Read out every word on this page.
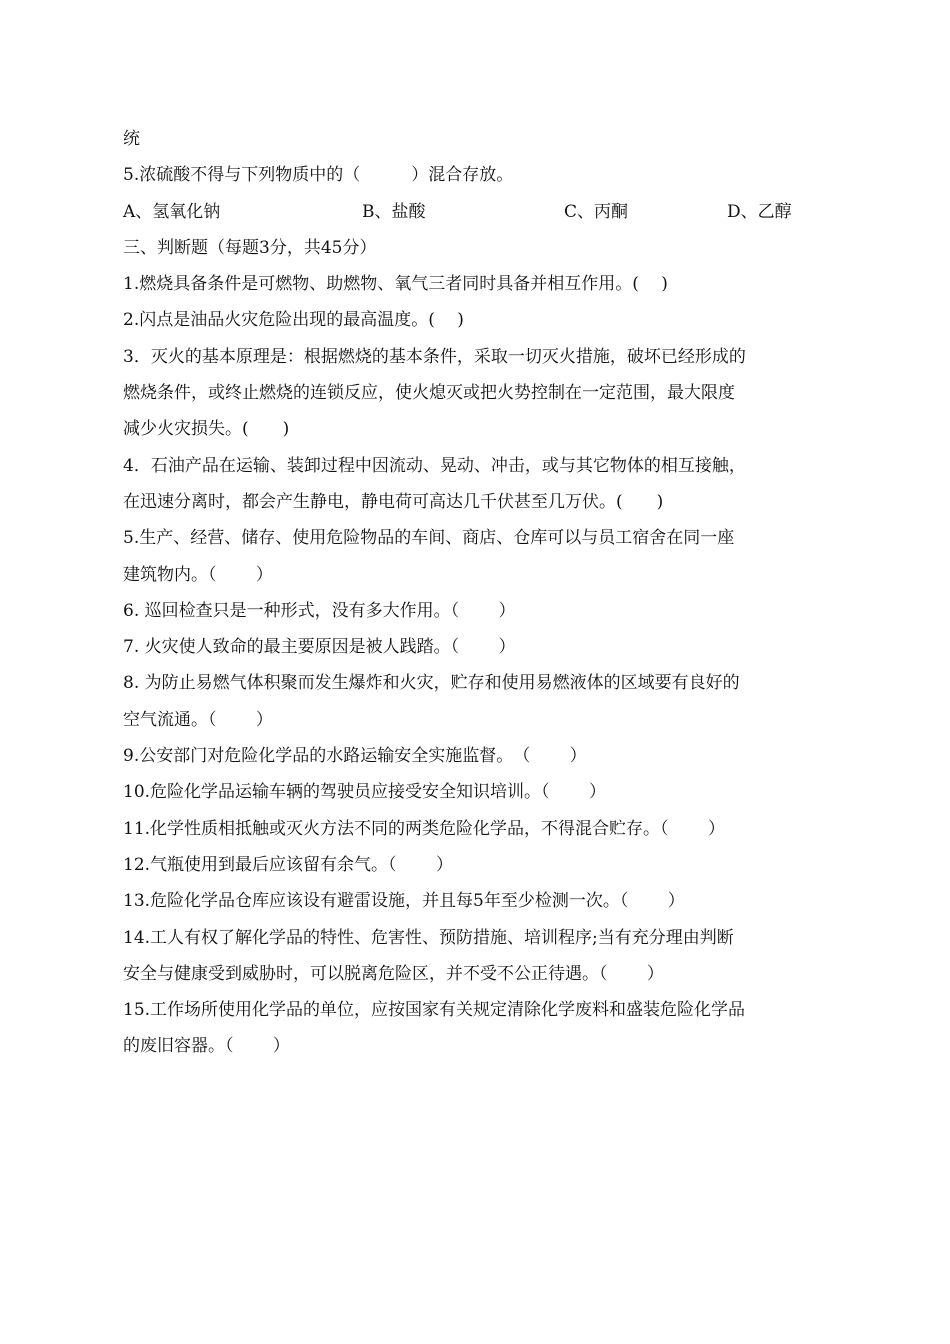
统
5.浓硫酸不得与下列物质中的（　　　）混合存放。
A、氢氧化钠	B、盐酸	C、丙酮	D、乙醇
三、判断题（每题3分，共45分）
1.燃烧具备条件是可燃物、助燃物、氧气三者同时具备并相互作用。(　 )
2.闪点是油品火灾危险出现的最高温度。(　 )
3．灭火的基本原理是：根据燃烧的基本条件，采取一切灭火措施，破坏已经形成的
燃烧条件，或终止燃烧的连锁反应，使火熄灭或把火势控制在一定范围，最大限度
减少火灾损失。(　　)
4．石油产品在运输、装卸过程中因流动、晃动、冲击，或与其它物体的相互接触，
在迅速分离时，都会产生静电，静电荷可高达几千伏甚至几万伏。(　　)
5.生产、经营、储存、使用危险物品的车间、商店、仓库可以与员工宿舍在同一座
建筑物内。（　　 ）
6. 巡回检查只是一种形式，没有多大作用。（　　 ）
7. 火灾使人致命的最主要原因是被人践踏。（　　 ）
8. 为防止易燃气体积聚而发生爆炸和火灾，贮存和使用易燃液体的区域要有良好的
空气流通。（　　 ）
9.公安部门对危险化学品的水路运输安全实施监督。　（　　 ）
10.危险化学品运输车辆的驾驶员应接受安全知识培训。（　　 ）
11.化学性质相抵触或灭火方法不同的两类危险化学品，不得混合贮存。（　　 ）
12.气瓶使用到最后应该留有余气。（　　 ）
13.危险化学品仓库应该设有避雷设施，并且每5年至少检测一次。（　　 ）
14.工人有权了解化学品的特性、危害性、预防措施、培训程序;当有充分理由判断
安全与健康受到威胁时，可以脱离危险区，并不受不公正待遇。（　　 ）
15.工作场所使用化学品的单位，应按国家有关规定清除化学废料和盛装危险化学品
的废旧容器。（　　 ）
